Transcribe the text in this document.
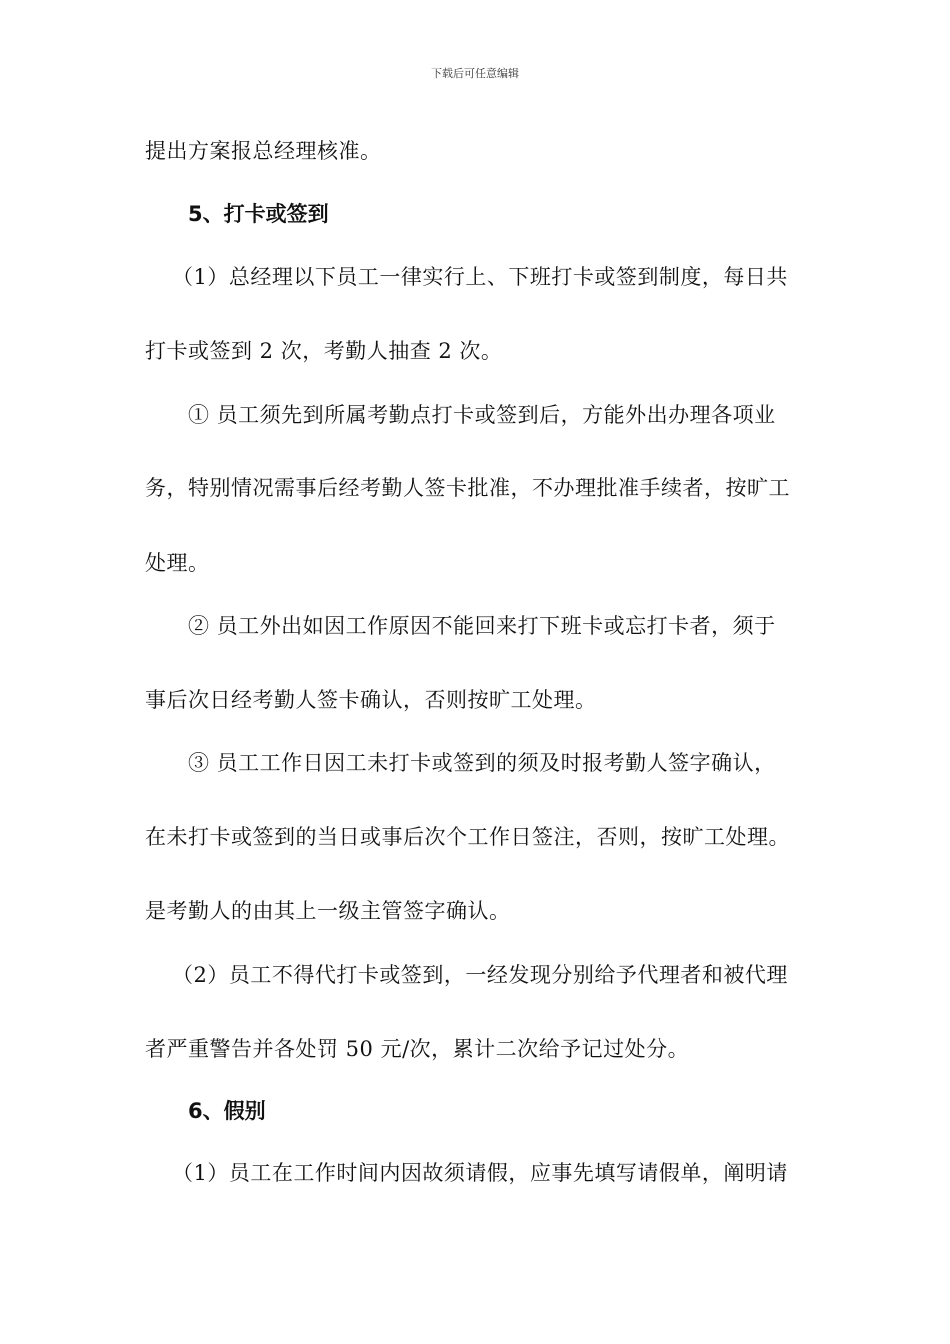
下载后可任意编辑
提出方案报总经理核准。
5、打卡或签到
（1）总经理以下员工一律实行上、下班打卡或签到制度，每日共
打卡或签到 2 次，考勤人抽查 2 次。
① 员工须先到所属考勤点打卡或签到后，方能外出办理各项业
务，特别情况需事后经考勤人签卡批准，不办理批准手续者，按旷工
处理。
② 员工外出如因工作原因不能回来打下班卡或忘打卡者，须于
事后次日经考勤人签卡确认，否则按旷工处理。
③ 员工工作日因工未打卡或签到的须及时报考勤人签字确认，
在未打卡或签到的当日或事后次个工作日签注，否则，按旷工处理。
是考勤人的由其上一级主管签字确认。
（2）员工不得代打卡或签到，一经发现分别给予代理者和被代理
者严重警告并各处罚 50 元/次，累计二次给予记过处分。
6、假别
（1）员工在工作时间内因故须请假，应事先填写请假单，阐明请
